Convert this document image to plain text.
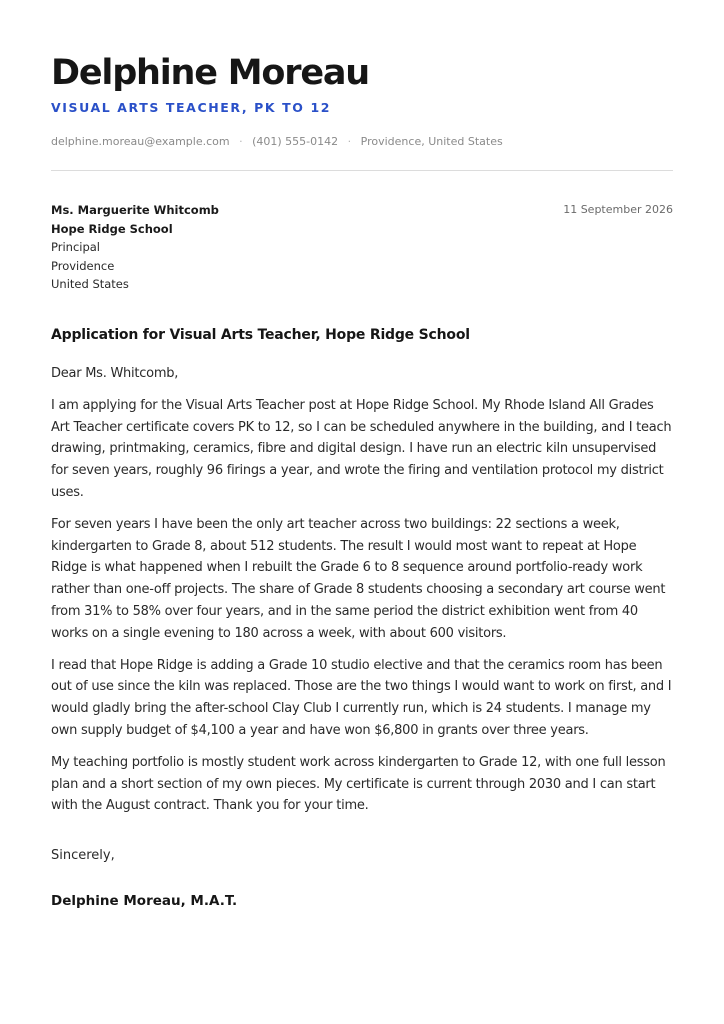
Delphine Moreau
VISUAL ARTS TEACHER, PK TO 12
delphine.moreau@example.com · (401) 555-0142 · Providence, United States
Ms. Marguerite Whitcomb
Hope Ridge School
Principal
Providence
United States
11 September 2026
Application for Visual Arts Teacher, Hope Ridge School

Dear Ms. Whitcomb,

I am applying for the Visual Arts Teacher post at Hope Ridge School. My Rhode Island All Grades Art Teacher certificate covers PK to 12, so I can be scheduled anywhere in the building, and I teach drawing, printmaking, ceramics, fibre and digital design. I have run an electric kiln unsupervised for seven years, roughly 96 firings a year, and wrote the firing and ventilation protocol my district uses.

For seven years I have been the only art teacher across two buildings: 22 sections a week, kindergarten to Grade 8, about 512 students. The result I would most want to repeat at Hope Ridge is what happened when I rebuilt the Grade 6 to 8 sequence around portfolio-ready work rather than one-off projects. The share of Grade 8 students choosing a secondary art course went from 31% to 58% over four years, and in the same period the district exhibition went from 40 works on a single evening to 180 across a week, with about 600 visitors.

I read that Hope Ridge is adding a Grade 10 studio elective and that the ceramics room has been out of use since the kiln was replaced. Those are the two things I would want to work on first, and I would gladly bring the after-school Clay Club I currently run, which is 24 students. I manage my own supply budget of $4,100 a year and have won $6,800 in grants over three years.

My teaching portfolio is mostly student work across kindergarten to Grade 12, with one full lesson plan and a short section of my own pieces. My certificate is current through 2030 and I can start with the August contract. Thank you for your time.

Sincerely,
Delphine Moreau, M.A.T.
